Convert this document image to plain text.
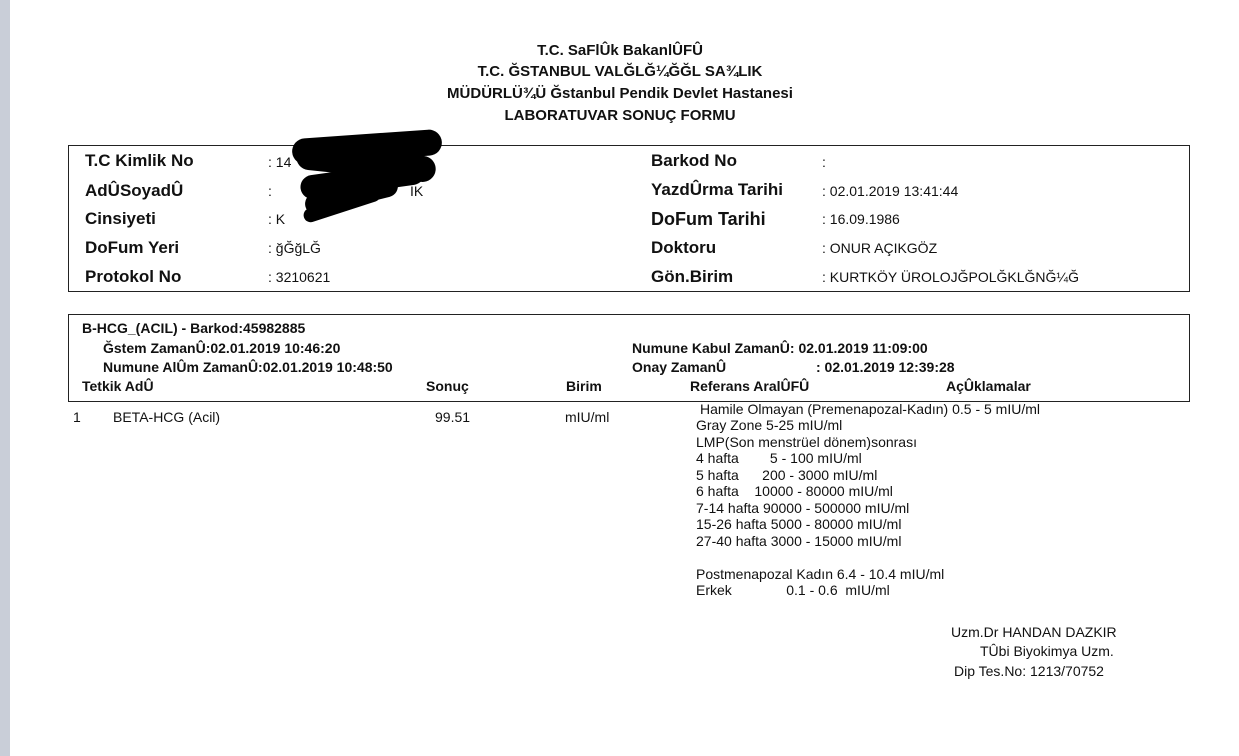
T.C. SaFlÛk BakanlÛFÛ
T.C. ĞSTANBUL VALĞLĞ¼ĞĞL SA¾LIK
MÜDÜRLÜ¾Ü Ğstanbul Pendik Devlet Hastanesi
LABORATUVAR SONUÇ FORMU
T.C Kimlik No	: 14
AdÛSoyadÛ	:	IK
Cinsiyeti	: K
DoFum Yeri	: ğĞğLĞ
Protokol No	: 3210621
Barkod No	:
YazdÛrma Tarihi	: 02.01.2019 13:41:44
DoFum Tarihi	: 16.09.1986
Doktoru	: ONUR AÇIKGÖZ
Gön.Birim	: KURTKÖY ÜROLOJĞPOLĞKLĞNĞ¼Ğ
B-HCG_(ACIL) - Barkod:45982885
Ğstem ZamanÛ:02.01.2019 10:46:20
Numune AlÛm ZamanÛ:02.01.2019 10:48:50
Numune Kabul ZamanÛ: 02.01.2019 11:09:00
Onay ZamanÛ	: 02.01.2019 12:39:28
Tetkik AdÛ	Sonuç	Birim	Referans AralÛFÛ	AçÛklamalar
1 BETA-HCG (Acil)	99.51	mIU/ml	Hamile Olmayan (Premenapozal-Kadın) 0.5 - 5 mIU/ml
Gray Zone 5-25 mIU/ml
LMP(Son menstrüel dönem)sonrası
4 hafta        5 - 100 mIU/ml
5 hafta      200 - 3000 mIU/ml
6 hafta    10000 - 80000 mIU/ml
7-14 hafta 90000 - 500000 mIU/ml
15-26 hafta 5000 - 80000 mIU/ml
27-40 hafta 3000 - 15000 mIU/ml
Postmenapozal Kadın 6.4 - 10.4 mIU/ml
Erkek              0.1 - 0.6  mIU/ml
Uzm.Dr HANDAN DAZKIR
TÛbi Biyokimya Uzm.
Dip Tes.No: 1213/70752
